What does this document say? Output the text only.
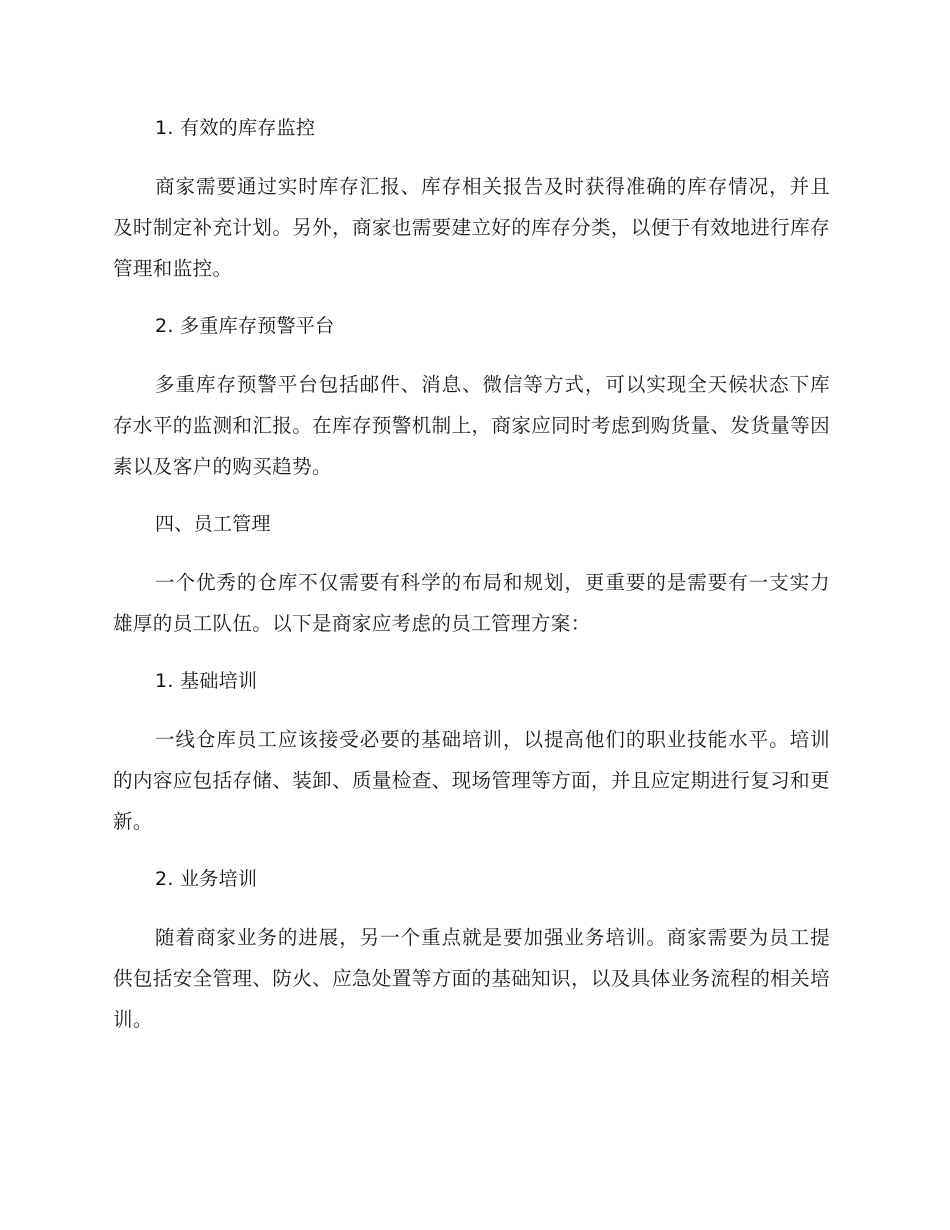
1. 有效的库存监控

商家需要通过实时库存汇报、库存相关报告及时获得准确的库存情况，并且及时制定补充计划。另外，商家也需要建立好的库存分类，以便于有效地进行库存管理和监控。

2. 多重库存预警平台

多重库存预警平台包括邮件、消息、微信等方式，可以实现全天候状态下库存水平的监测和汇报。在库存预警机制上，商家应同时考虑到购货量、发货量等因素以及客户的购买趋势。

四、员工管理

一个优秀的仓库不仅需要有科学的布局和规划，更重要的是需要有一支实力雄厚的员工队伍。以下是商家应考虑的员工管理方案：

1. 基础培训

一线仓库员工应该接受必要的基础培训，以提高他们的职业技能水平。培训的内容应包括存储、装卸、质量检查、现场管理等方面，并且应定期进行复习和更新。

2. 业务培训

随着商家业务的进展，另一个重点就是要加强业务培训。商家需要为员工提供包括安全管理、防火、应急处置等方面的基础知识，以及具体业务流程的相关培训。
